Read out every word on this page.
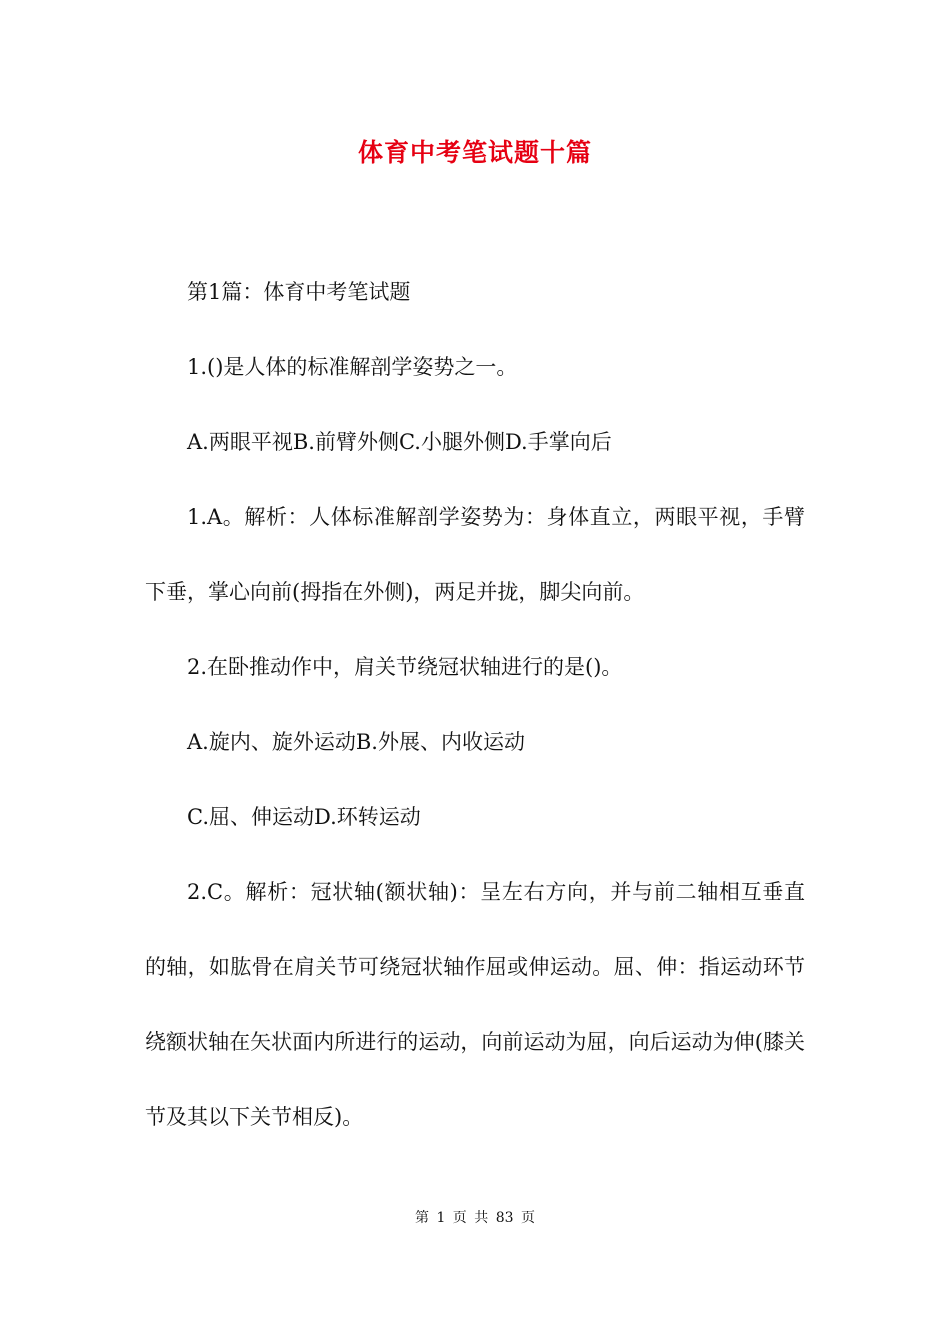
体育中考笔试题十篇

第1篇：体育中考笔试题

1.()是人体的标准解剖学姿势之一。

A.两眼平视B.前臂外侧C.小腿外侧D.手掌向后

1.A。解析：人体标准解剖学姿势为：身体直立，两眼平视，手臂下垂，掌心向前(拇指在外侧)，两足并拢，脚尖向前。

2.在卧推动作中，肩关节绕冠状轴进行的是()。

A.旋内、旋外运动B.外展、内收运动

C.屈、伸运动D.环转运动

2.C。解析：冠状轴(额状轴)：呈左右方向，并与前二轴相互垂直的轴，如肱骨在肩关节可绕冠状轴作屈或伸运动。屈、伸：指运动环节绕额状轴在矢状面内所进行的运动，向前运动为屈，向后运动为伸(膝关节及其以下关节相反)。

第 1 页 共 83 页
